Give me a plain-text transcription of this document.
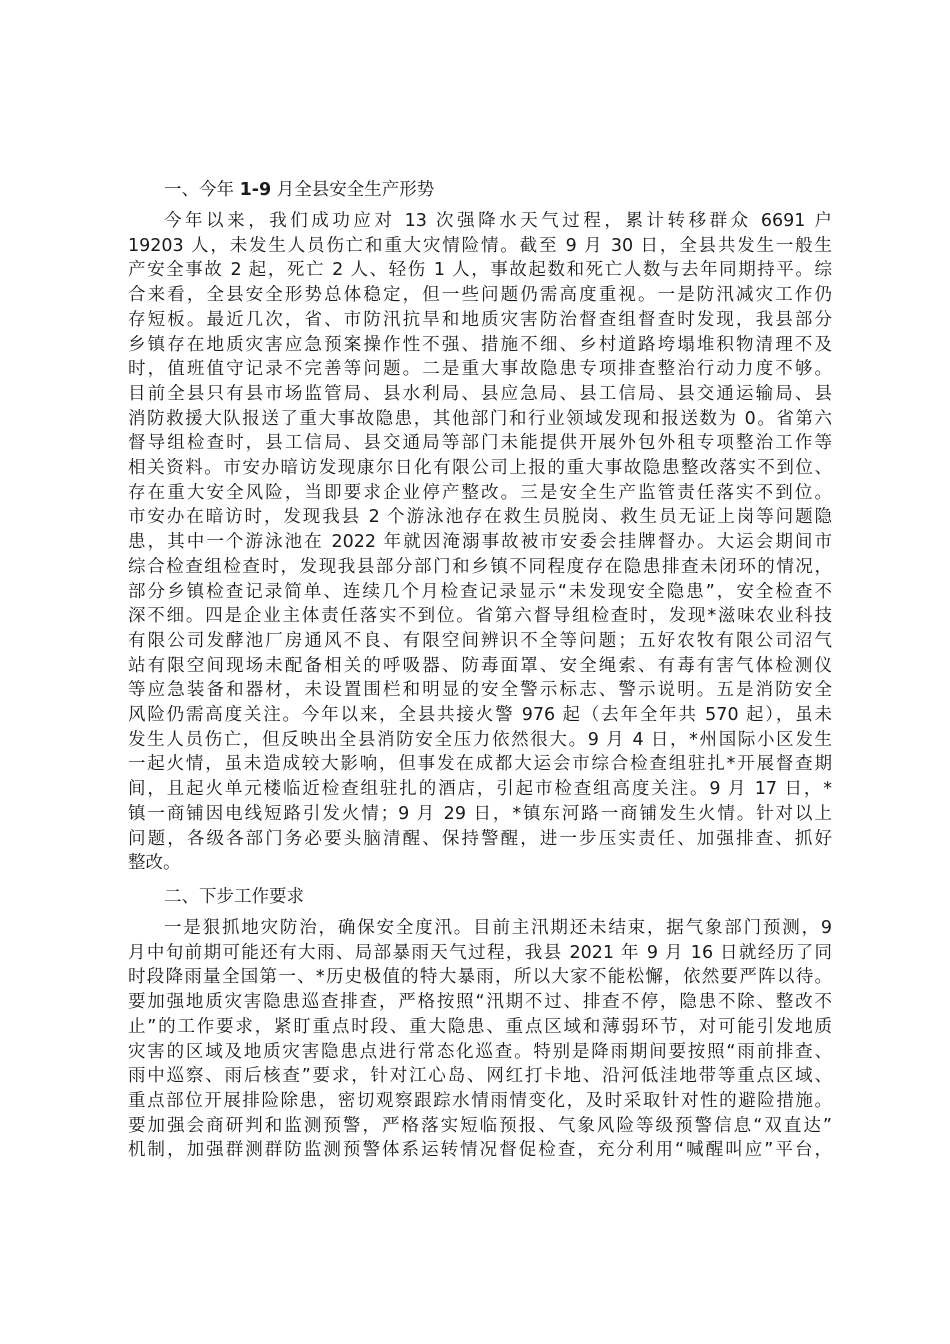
一、今年 1-9 月全县安全生产形势
今年以来，我们成功应对 13 次强降水天气过程，累计转移群众 6691 户
19203 人，未发生人员伤亡和重大灾情险情。截至 9 月 30 日，全县共发生一般生
产安全事故 2 起，死亡 2 人、轻伤 1 人，事故起数和死亡人数与去年同期持平。综
合来看，全县安全形势总体稳定，但一些问题仍需高度重视。一是防汛减灾工作仍
存短板。最近几次，省、市防汛抗旱和地质灾害防治督查组督查时发现，我县部分
乡镇存在地质灾害应急预案操作性不强、措施不细、乡村道路垮塌堆积物清理不及
时，值班值守记录不完善等问题。二是重大事故隐患专项排查整治行动力度不够。
目前全县只有县市场监管局、县水利局、县应急局、县工信局、县交通运输局、县
消防救援大队报送了重大事故隐患，其他部门和行业领域发现和报送数为 0。省第六
督导组检查时，县工信局、县交通局等部门未能提供开展外包外租专项整治工作等
相关资料。市安办暗访发现康尔日化有限公司上报的重大事故隐患整改落实不到位、
存在重大安全风险，当即要求企业停产整改。三是安全生产监管责任落实不到位。
市安办在暗访时，发现我县 2 个游泳池存在救生员脱岗、救生员无证上岗等问题隐
患，其中一个游泳池在 2022 年就因淹溺事故被市安委会挂牌督办。大运会期间市
综合检查组检查时，发现我县部分部门和乡镇不同程度存在隐患排查未闭环的情况，
部分乡镇检查记录简单、连续几个月检查记录显示“未发现安全隐患”，安全检查不
深不细。四是企业主体责任落实不到位。省第六督导组检查时，发现*滋味农业科技
有限公司发酵池厂房通风不良、有限空间辨识不全等问题；五好农牧有限公司沼气
站有限空间现场未配备相关的呼吸器、防毒面罩、安全绳索、有毒有害气体检测仪
等应急装备和器材，未设置围栏和明显的安全警示标志、警示说明。五是消防安全
风险仍需高度关注。今年以来，全县共接火警 976 起（去年全年共 570 起），虽未
发生人员伤亡，但反映出全县消防安全压力依然很大。9 月 4 日，*州国际小区发生
一起火情，虽未造成较大影响，但事发在成都大运会市综合检查组驻扎*开展督查期
间，且起火单元楼临近检查组驻扎的酒店，引起市检查组高度关注。9 月 17 日，*
镇一商铺因电线短路引发火情；9 月 29 日，*镇东河路一商铺发生火情。针对以上
问题，各级各部门务必要头脑清醒、保持警醒，进一步压实责任、加强排查、抓好
整改。
二、下步工作要求
一是狠抓地灾防治，确保安全度汛。目前主汛期还未结束，据气象部门预测，9
月中旬前期可能还有大雨、局部暴雨天气过程，我县 2021 年 9 月 16 日就经历了同
时段降雨量全国第一、*历史极值的特大暴雨，所以大家不能松懈，依然要严阵以待。
要加强地质灾害隐患巡查排查，严格按照“汛期不过、排查不停，隐患不除、整改不
止”的工作要求，紧盯重点时段、重大隐患、重点区域和薄弱环节，对可能引发地质
灾害的区域及地质灾害隐患点进行常态化巡查。特别是降雨期间要按照“雨前排查、
雨中巡察、雨后核查”要求，针对江心岛、网红打卡地、沿河低洼地带等重点区域、
重点部位开展排险除患，密切观察跟踪水情雨情变化，及时采取针对性的避险措施。
要加强会商研判和监测预警，严格落实短临预报、气象风险等级预警信息“双直达”
机制，加强群测群防监测预警体系运转情况督促检查，充分利用“喊醒叫应”平台，
